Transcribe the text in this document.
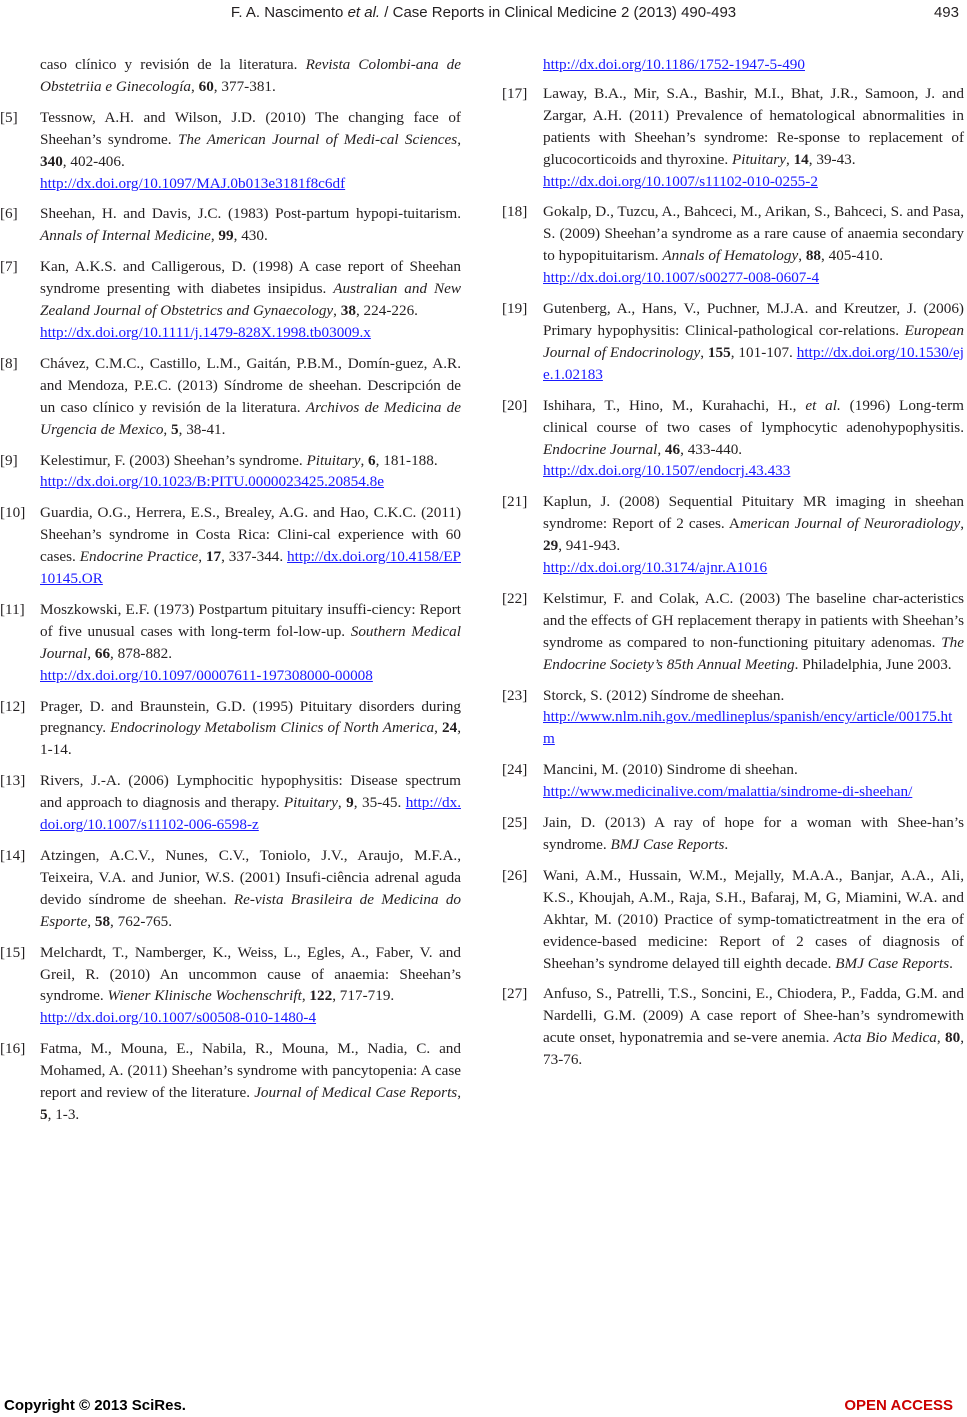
F. A. Nascimento et al. / Case Reports in Clinical Medicine 2 (2013) 490-493	493
caso clínico y revisión de la literatura. Revista Colombi-ana de Obstetriia e Ginecología, 60, 377-381.
[5] Tessnow, A.H. and Wilson, J.D. (2010) The changing face of Sheehan’s syndrome. The American Journal of Medi-cal Sciences, 340, 402-406.
http://dx.doi.org/10.1097/MAJ.0b013e3181f8c6df
[6] Sheehan, H. and Davis, J.C. (1983) Post-partum hypopi-tuitarism. Annals of Internal Medicine, 99, 430.
[7] Kan, A.K.S. and Calligerous, D. (1998) A case report of Sheehan syndrome presenting with diabetes insipidus. Australian and New Zealand Journal of Obstetrics and Gynaecology, 38, 224-226.
http://dx.doi.org/10.1111/j.1479-828X.1998.tb03009.x
[8] Chávez, C.M.C., Castillo, L.M., Gaitán, P.B.M., Domín-guez, A.R. and Mendoza, P.E.C. (2013) Síndrome de sheehan. Descripción de un caso clínico y revisión de la literatura. Archivos de Medicina de Urgencia de Mexico, 5, 38-41.
[9] Kelestimur, F. (2003) Sheehan’s syndrome. Pituitary, 6, 181-188.
http://dx.doi.org/10.1023/B:PITU.0000023425.20854.8e
[10] Guardia, O.G., Herrera, E.S., Brealey, A.G. and Hao, C.K.C. (2011) Sheehan’s syndrome in Costa Rica: Clini-cal experience with 60 cases. Endocrine Practice, 17, 337-344. http://dx.doi.org/10.4158/EP10145.OR
[11] Moszkowski, E.F. (1973) Postpartum pituitary insuffi-ciency: Report of five unusual cases with long-term fol-low-up. Southern Medical Journal, 66, 878-882.
http://dx.doi.org/10.1097/00007611-197308000-00008
[12] Prager, D. and Braunstein, G.D. (1995) Pituitary disorders during pregnancy. Endocrinology Metabolism Clinics of North America, 24, 1-14.
[13] Rivers, J.-A. (2006) Lymphocitic hypophysitis: Disease spectrum and approach to diagnosis and therapy. Pituitary, 9, 35-45. http://dx.doi.org/10.1007/s11102-006-6598-z
[14] Atzingen, A.C.V., Nunes, C.V., Toniolo, J.V., Araujo, M.F.A., Teixeira, V.A. and Junior, W.S. (2001) Insufi-ciência adrenal aguda devido síndrome de sheehan. Re-vista Brasileira de Medicina do Esporte, 58, 762-765.
[15] Melchardt, T., Namberger, K., Weiss, L., Egles, A., Faber, V. and Greil, R. (2010) An uncommon cause of anaemia: Sheehan’s syndrome. Wiener Klinische Wochenschrift, 122, 717-719.
http://dx.doi.org/10.1007/s00508-010-1480-4
[16] Fatma, M., Mouna, E., Nabila, R., Mouna, M., Nadia, C. and Mohamed, A. (2011) Sheehan’s syndrome with pancytopenia: A case report and review of the literature. Journal of Medical Case Reports, 5, 1-3.
http://dx.doi.org/10.1186/1752-1947-5-490
[17] Laway, B.A., Mir, S.A., Bashir, M.I., Bhat, J.R., Samoon, J. and Zargar, A.H. (2011) Prevalence of hematological abnormalities in patients with Sheehan’s syndrome: Re-sponse to replacement of glucocorticoids and thyroxine. Pituitary, 14, 39-43.
http://dx.doi.org/10.1007/s11102-010-0255-2
[18] Gokalp, D., Tuzcu, A., Bahceci, M., Arikan, S., Bahceci, S. and Pasa, S. (2009) Sheehan’a syndrome as a rare cause of anaemia secondary to hypopituitarism. Annals of Hematology, 88, 405-410.
http://dx.doi.org/10.1007/s00277-008-0607-4
[19] Gutenberg, A., Hans, V., Puchner, M.J.A. and Kreutzer, J. (2006) Primary hypophysitis: Clinical-pathological cor-relations. European Journal of Endocrinology, 155, 101-107. http://dx.doi.org/10.1530/eje.1.02183
[20] Ishihara, T., Hino, M., Kurahachi, H., et al. (1996) Long-term clinical course of two cases of lymphocytic adenohypophysitis. Endocrine Journal, 46, 433-440.
http://dx.doi.org/10.1507/endocrj.43.433
[21] Kaplun, J. (2008) Sequential Pituitary MR imaging in sheehan syndrome: Report of 2 cases. American Journal of Neuroradiology, 29, 941-943.
http://dx.doi.org/10.3174/ajnr.A1016
[22] Kelstimur, F. and Colak, A.C. (2003) The baseline char-acteristics and the effects of GH replacement therapy in patients with Sheehan’s syndrome as compared to non-functioning pituitary adenomas. The Endocrine Society’s 85th Annual Meeting. Philadelphia, June 2003.
[23] Storck, S. (2012) Síndrome de sheehan.
http://www.nlm.nih.gov./medlineplus/spanish/ency/article/00175.htm
[24] Mancini, M. (2010) Sindrome di sheehan.
http://www.medicinalive.com/malattia/sindrome-di-sheehan/
[25] Jain, D. (2013) A ray of hope for a woman with Shee-han’s syndrome. BMJ Case Reports.
[26] Wani, A.M., Hussain, W.M., Mejally, M.A.A., Banjar, A.A., Ali, K.S., Khoujah, A.M., Raja, S.H., Bafaraj, M, G, Miamini, W.A. and Akhtar, M. (2010) Practice of symp-tomatictreatment in the era of evidence-based medicine: Report of 2 cases of diagnosis of Sheehan’s syndrome delayed till eighth decade. BMJ Case Reports.
[27] Anfuso, S., Patrelli, T.S., Soncini, E., Chiodera, P., Fadda, G.M. and Nardelli, G.M. (2009) A case report of Shee-han’s syndromewith acute onset, hyponatremia and se-vere anemia. Acta Bio Medica, 80, 73-76.
Copyright © 2013 SciRes.	OPEN ACCESS
